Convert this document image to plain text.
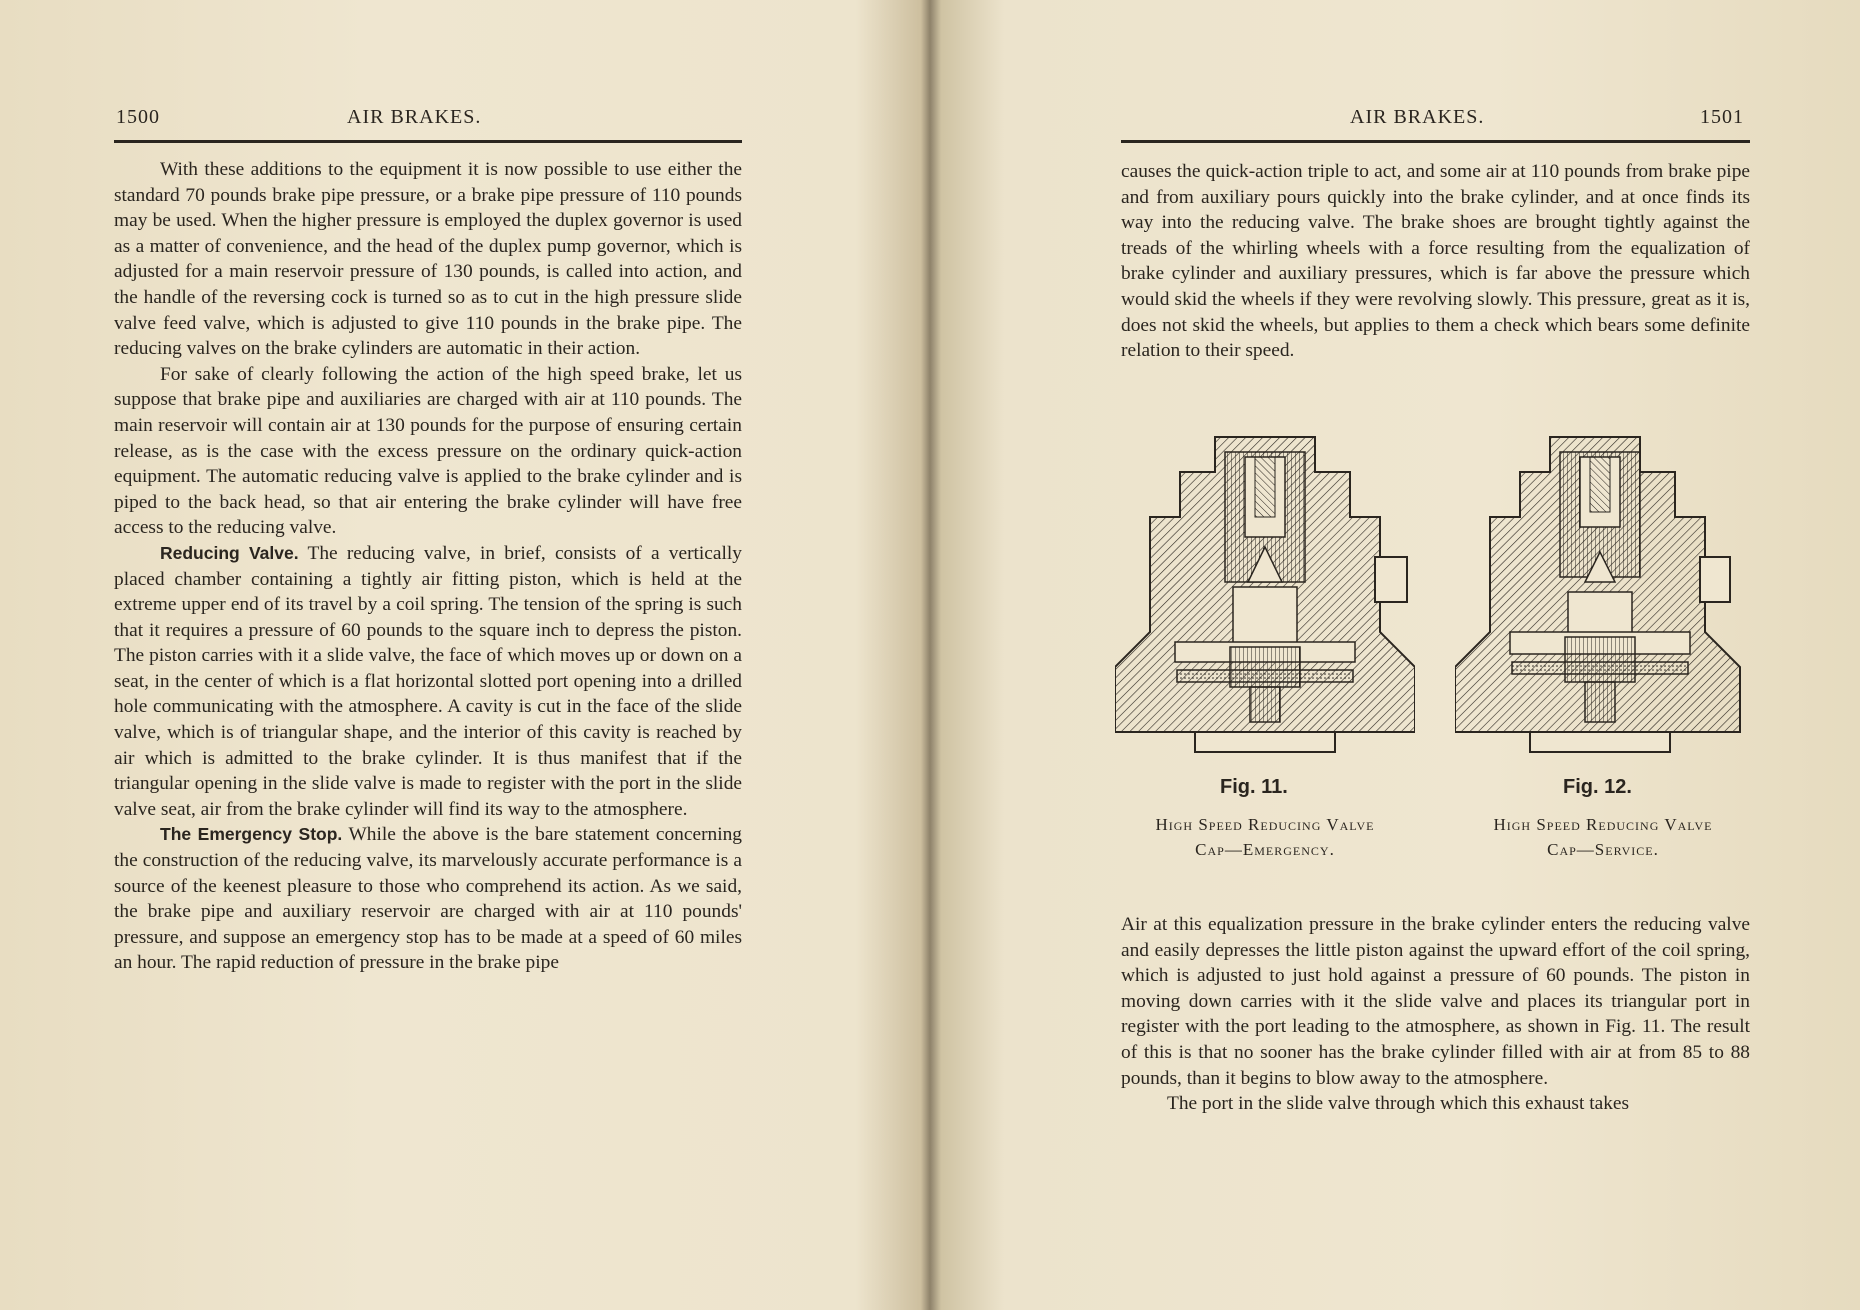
1500	AIR BRAKES.

With these additions to the equipment it is now possible to use either the standard 70 pounds brake pipe pressure, or a brake pipe pressure of 110 pounds may be used. When the higher pressure is employed the duplex governor is used as a matter of convenience, and the head of the duplex pump governor, which is adjusted for a main reservoir pressure of 130 pounds, is called into action, and the handle of the reversing cock is turned so as to cut in the high pressure slide valve feed valve, which is adjusted to give 110 pounds in the brake pipe. The reducing valves on the brake cylinders are automatic in their action.

For sake of clearly following the action of the high speed brake, let us suppose that brake pipe and auxiliaries are charged with air at 110 pounds. The main reservoir will contain air at 130 pounds for the purpose of ensuring certain release, as is the case with the excess pressure on the ordinary quick-action equipment. The automatic reducing valve is applied to the brake cylinder and is piped to the back head, so that air entering the brake cylinder will have free access to the reducing valve.

Reducing Valve. The reducing valve, in brief, consists of a vertically placed chamber containing a tightly air fitting piston, which is held at the extreme upper end of its travel by a coil spring. The tension of the spring is such that it requires a pressure of 60 pounds to the square inch to depress the piston. The piston carries with it a slide valve, the face of which moves up or down on a seat, in the center of which is a flat horizontal slotted port opening into a drilled hole communicating with the atmosphere. A cavity is cut in the face of the slide valve, which is of triangular shape, and the interior of this cavity is reached by air which is admitted to the brake cylinder. It is thus manifest that if the triangular opening in the slide valve is made to register with the port in the slide valve seat, air from the brake cylinder will find its way to the atmosphere.

The Emergency Stop. While the above is the bare statement concerning the construction of the reducing valve, its marvelously accurate performance is a source of the keenest pleasure to those who comprehend its action. As we said, the brake pipe and auxiliary reservoir are charged with air at 110 pounds' pressure, and suppose an emergency stop has to be made at a speed of 60 miles an hour. The rapid reduction of pressure in the brake pipe

AIR BRAKES.	1501

causes the quick-action triple to act, and some air at 110 pounds from brake pipe and from auxiliary pours quickly into the brake cylinder, and at once finds its way into the reducing valve. The brake shoes are brought tightly against the treads of the whirling wheels with a force resulting from the equalization of brake cylinder and auxiliary pressures, which is far above the pressure which would skid the wheels if they were revolving slowly. This pressure, great as it is, does not skid the wheels, but applies to them a check which bears some definite relation to their speed.

Fig. 11.
High Speed Reducing Valve
Cap—Emergency.
Fig. 12.
High Speed Reducing Valve
Cap—Service.

Air at this equalization pressure in the brake cylinder enters the reducing valve and easily depresses the little piston against the upward effort of the coil spring, which is adjusted to just hold against a pressure of 60 pounds. The piston in moving down carries with it the slide valve and places its triangular port in register with the port leading to the atmosphere, as shown in Fig. 11. The result of this is that no sooner has the brake cylinder filled with air at from 85 to 88 pounds, than it begins to blow away to the atmosphere.

The port in the slide valve through which this exhaust takes
